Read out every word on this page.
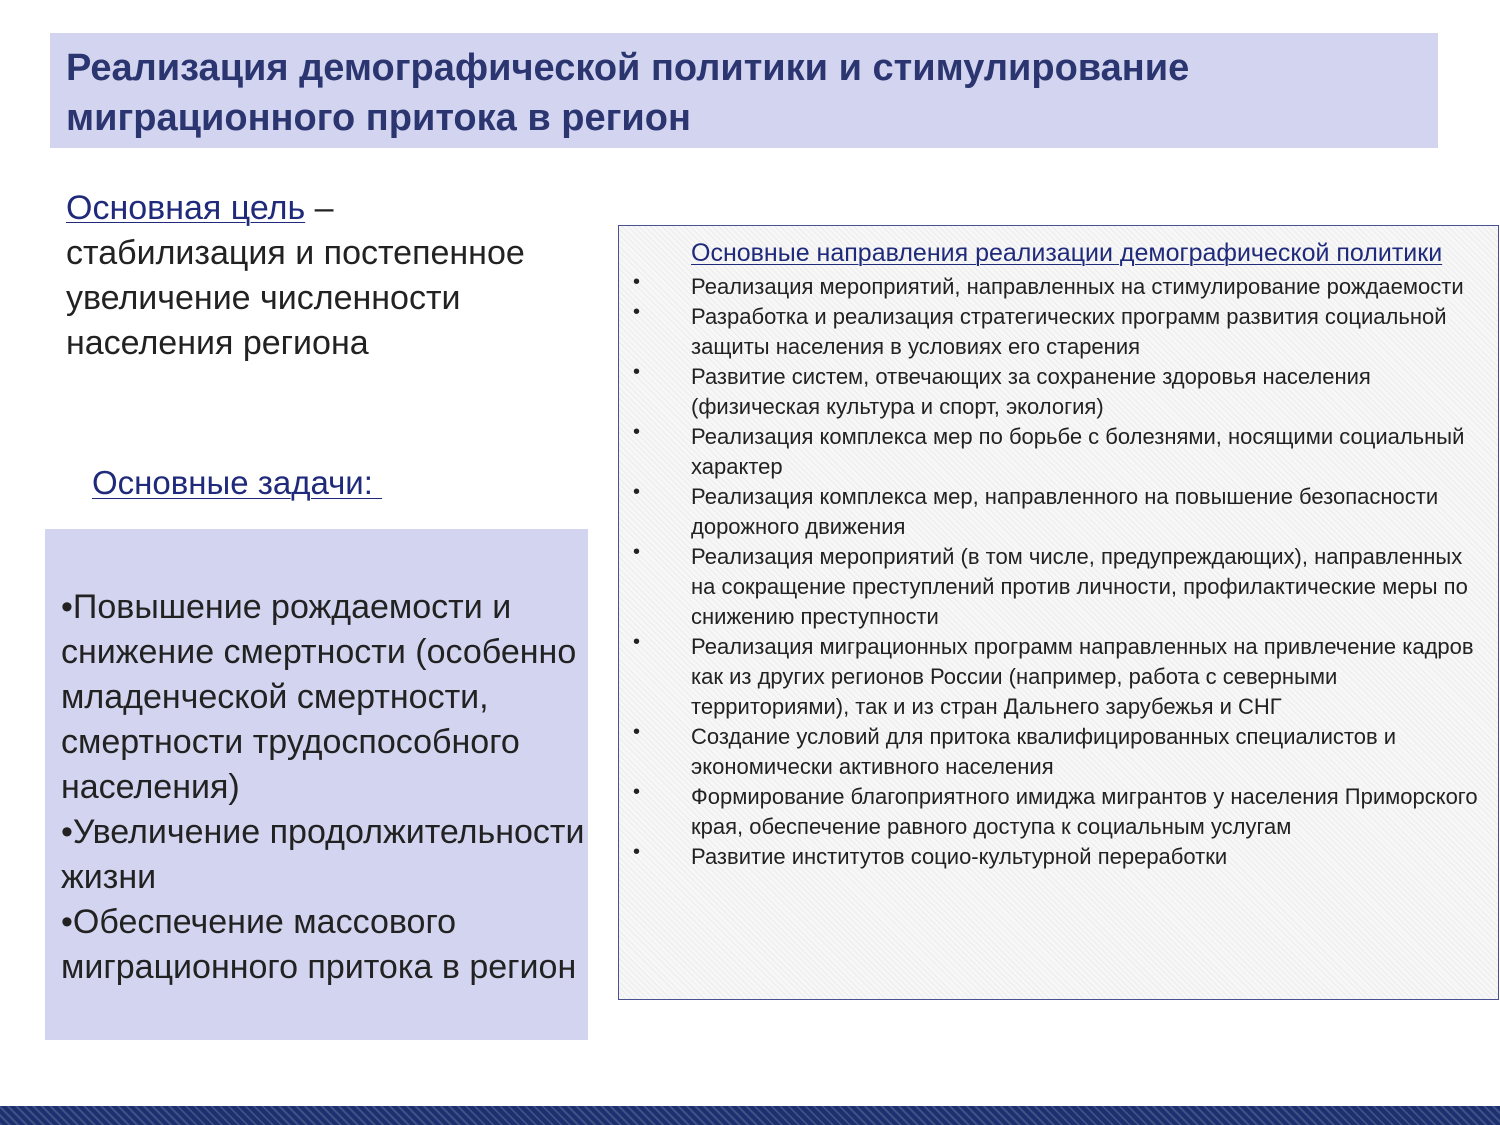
Реализация демографической политики и стимулирование
миграционного притока в регион
Основная цель –
стабилизация и постепенное увеличение численности населения региона
Основные задачи:

•Повышение рождаемости и снижение смертности (особенно младенческой смертности, смертности трудоспособного населения)

•Увеличение продолжительности жизни

•Обеспечение массового миграционного притока в регион

Основные направления реализации демографической политики
• Реализация мероприятий, направленных на стимулирование рождаемости
• Разработка и реализация стратегических программ развития социальной защиты населения в условиях его старения
• Развитие систем, отвечающих за сохранение здоровья населения (физическая культура и спорт, экология)
• Реализация комплекса мер по борьбе с болезнями, носящими социальный характер
• Реализация комплекса мер, направленного на повышение безопасности дорожного движения
• Реализация мероприятий (в том числе, предупреждающих), направленных на сокращение преступлений против личности, профилактические меры по снижению преступности
• Реализация миграционных программ направленных на привлечение кадров как из других регионов России (например, работа с северными территориями), так и из стран Дальнего зарубежья и СНГ
• Создание условий для притока квалифицированных специалистов и экономически активного населения
• Формирование благоприятного имиджа мигрантов у населения Приморского края, обеспечение равного доступа к социальным услугам
• Развитие институтов социо-культурной переработки
